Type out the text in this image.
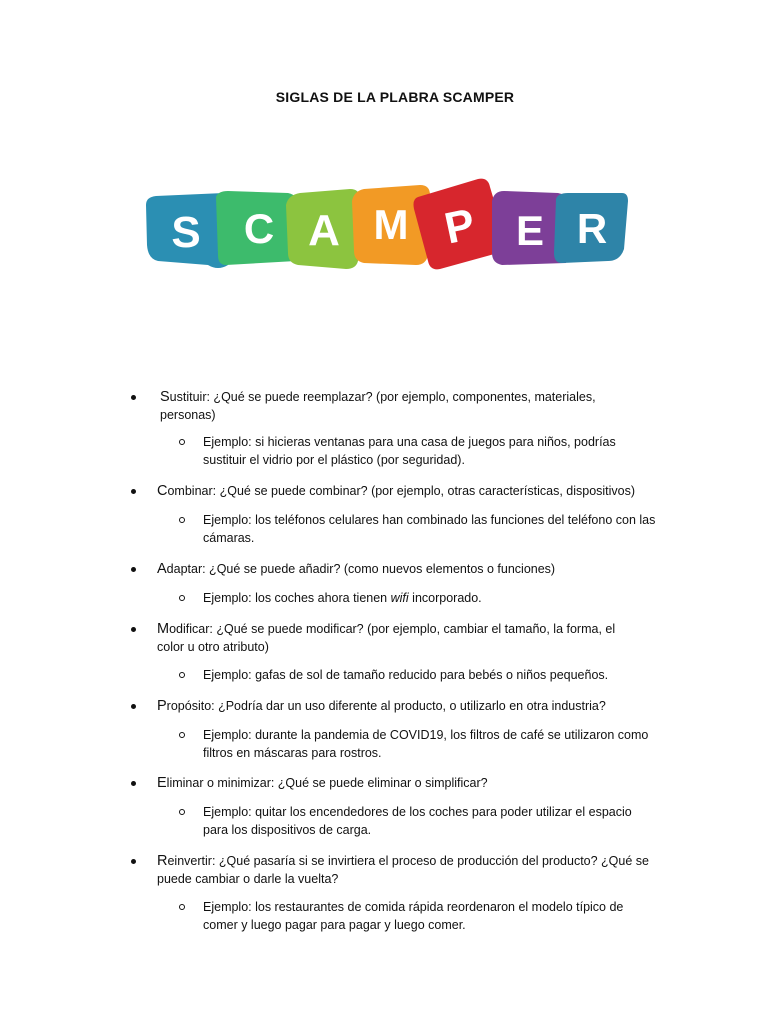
SIGLAS DE LA PLABRA SCAMPER
S C A M P E R
Sustituir: ¿Qué se puede reemplazar? (por ejemplo, componentes, materiales, personas)
Ejemplo: si hicieras ventanas para una casa de juegos para niños, podrías sustituir el vidrio por el plástico (por seguridad).
Combinar: ¿Qué se puede combinar? (por ejemplo, otras características, dispositivos)
Ejemplo: los teléfonos celulares han combinado las funciones del teléfono con las cámaras.
Adaptar: ¿Qué se puede añadir? (como nuevos elementos o funciones)
Ejemplo: los coches ahora tienen wifi incorporado.
Modificar: ¿Qué se puede modificar? (por ejemplo, cambiar el tamaño, la forma, el color u otro atributo)
Ejemplo: gafas de sol de tamaño reducido para bebés o niños pequeños.
Propósito: ¿Podría dar un uso diferente al producto, o utilizarlo en otra industria?
Ejemplo: durante la pandemia de COVID19, los filtros de café se utilizaron como filtros en máscaras para rostros.
Eliminar o minimizar: ¿Qué se puede eliminar o simplificar?
Ejemplo: quitar los encendedores de los coches para poder utilizar el espacio para los dispositivos de carga.
Reinvertir: ¿Qué pasaría si se invirtiera el proceso de producción del producto? ¿Qué se puede cambiar o darle la vuelta?
Ejemplo: los restaurantes de comida rápida reordenaron el modelo típico de comer y luego pagar para pagar y luego comer.
